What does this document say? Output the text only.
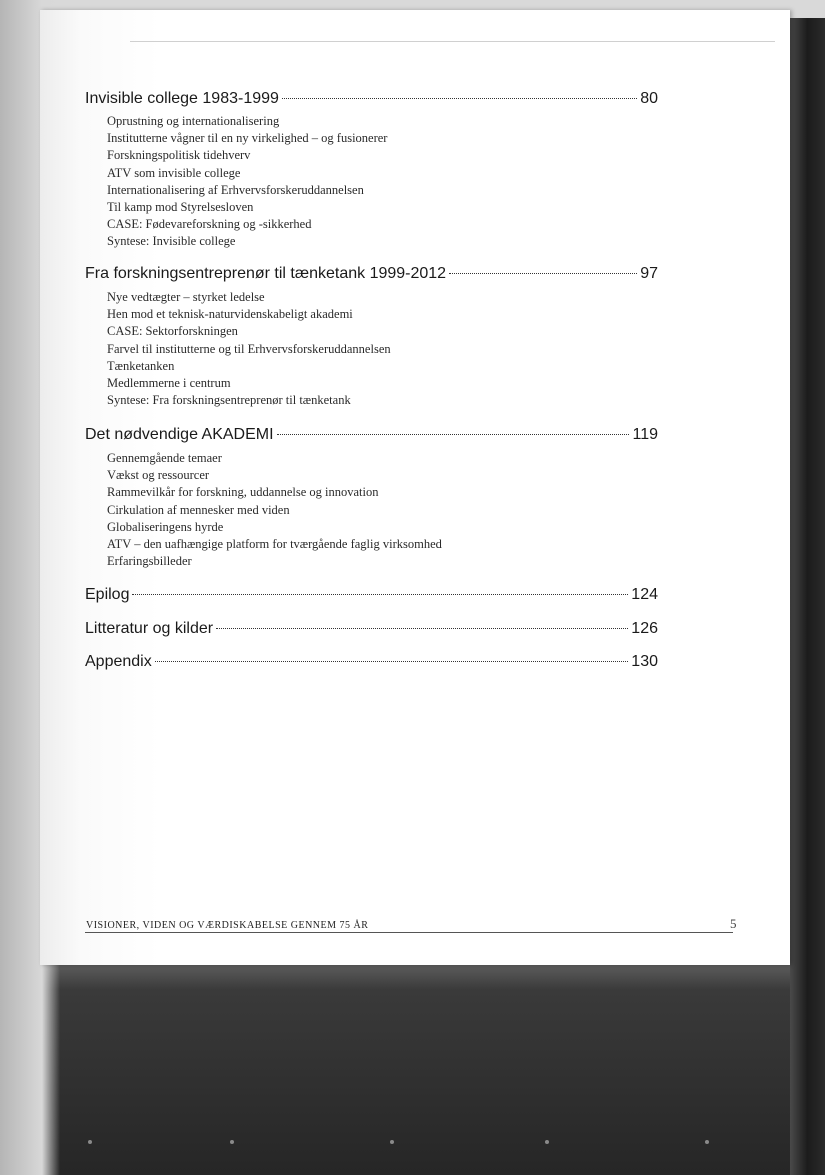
Invisible college 1983-1999	80
Oprustning og internationalisering
Institutterne vågner til en ny virkelighed – og fusionerer
Forskningspolitisk tidehverv
ATV som invisible college
Internationalisering af Erhvervsforskeruddannelsen
Til kamp mod Styrelsesloven
CASE: Fødevareforskning og -sikkerhed
Syntese: Invisible college
Fra forskningsentreprenør til tænketank 1999-2012	97
Nye vedtægter – styrket ledelse
Hen mod et teknisk-naturvidenskabeligt akademi
CASE: Sektorforskningen
Farvel til institutterne og til Erhvervsforskeruddannelsen
Tænketanken
Medlemmerne i centrum
Syntese: Fra forskningsentreprenør til tænketank
Det nødvendige AKADEMI	119
Gennemgående temaer
Vækst og ressourcer
Rammevilkår for forskning, uddannelse og innovation
Cirkulation af mennesker med viden
Globaliseringens hyrde
ATV – den uafhængige platform for tværgående faglig virksomhed
Erfaringsbilleder
Epilog	124
Litteratur og kilder	126
Appendix	130
VISIONER, VIDEN OG VÆRDISKABELSE GENNEM 75 ÅR	5
